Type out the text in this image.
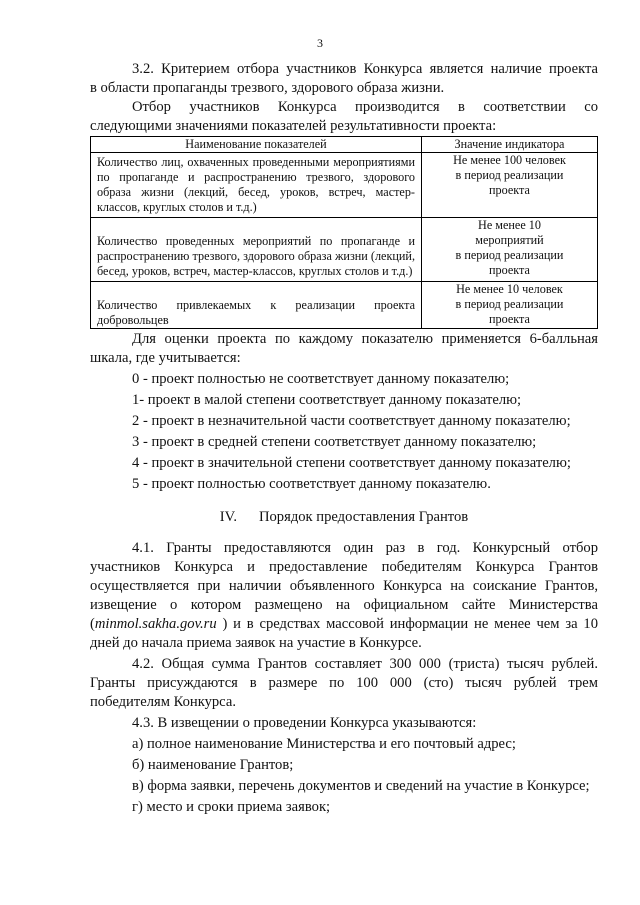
3

3.2. Критерием отбора участников Конкурса является наличие проекта

в области пропаганды трезвого, здорового образа жизни.

Отбор участников Конкурса производится в соответствии со

следующими значениями показателей результативности проекта:

Наименование показателей	Значение индикатора
Количество лиц, охваченных проведенными мероприятиями по пропаганде и распространению трезвого, здорового образа жизни (лекций, бесед, уроков, встреч, мастер-классов, круглых столов и т.д.)	Не менее 100 человек
в период реализации
проекта

Количество проведенных мероприятий по пропаганде и распространению трезвого, здорового образа жизни (лекций, бесед, уроков, встреч, мастер-классов, круглых столов и т.д.)	Не менее 10
мероприятий
в период реализации
проекта

Количество привлекаемых к реализации проекта добровольцев	Не менее 10 человек
в период реализации
проекта

Для оценки проекта по каждому показателю применяется 6-балльная

шкала, где учитывается:

0 - проект полностью не соответствует данному показателю;

1- проект в малой степени соответствует данному показателю;

2 - проект в незначительной части соответствует данному показателю;

3 - проект в средней степени соответствует данному показателю;

4 - проект в значительной степени соответствует данному показателю;

5 - проект полностью соответствует данному показателю.

IV. Порядок предоставления Грантов

4.1. Гранты предоставляются один раз в год. Конкурсный отбор участников Конкурса и предоставление победителям Конкурса Грантов осуществляется при наличии объявленного Конкурса на соискание Грантов, извещение о котором размещено на официальном сайте Министерства (minmol.sakha.gov.ru ) и в средствах массовой информации не менее чем за 10 дней до начала приема заявок на участие в Конкурсе.

4.2. Общая сумма Грантов составляет 300 000 (триста) тысяч рублей. Гранты присуждаются в размере по 100 000 (сто) тысяч рублей трем победителям Конкурса.

4.3. В извещении о проведении Конкурса указываются:

а) полное наименование Министерства и его почтовый адрес;

б) наименование Грантов;

в) форма заявки, перечень документов и сведений на участие в Конкурсе;

г) место и сроки приема заявок;
